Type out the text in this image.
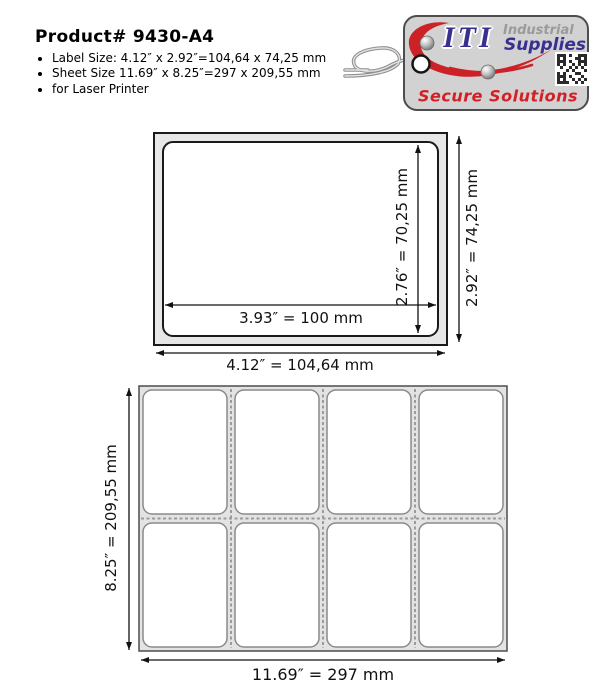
Product# 9430-A4
• Label Size: 4.12″ x 2.92″=104,64 x 74,25 mm
• Sheet Size 11.69″ x 8.25″=297 x 209,55 mm
• for Laser Printer
ITI Industrial
Supplies
Secure Solutions
3.93″ = 100 mm
2.76″ = 70,25 mm	2.92″ = 74,25 mm
4.12″ = 104,64 mm
8.25″ = 209,55 mm
11.69″ = 297 mm
